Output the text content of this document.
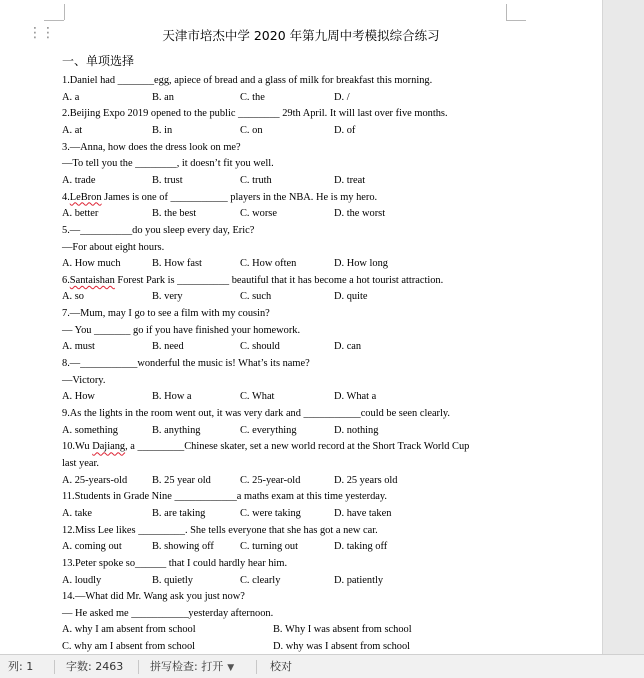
⋮⋮	天津市培杰中学 2020 年第九周中考模拟综合练习
一、单项选择
1.Daniel had _______egg, apiece of bread and a glass of milk for breakfast this morning.
A. a	B. an	C. the	D. /
2.Beijing Expo 2019 opened to the public ________ 29th April. It will last over five months.
A. at	B. in	C. on	D. of
3.—Anna, how does the dress look on me?
—To tell you the ________, it doesn’t fit you well.
A. trade	B. trust	C. truth	D. treat
4.LeBron James is one of ___________ players in the NBA. He is my hero.
A. better	B. the best	C. worse	D. the worst
5.—__________do you sleep every day, Eric?
—For about eight hours.
A. How much	B. How fast	C. How often	D. How long
6.Santaishan Forest Park is __________ beautiful that it has become a hot tourist attraction.
A. so	B. very	C. such	D. quite
7.—Mum, may I go to see a film with my cousin?
— You _______ go if you have finished your homework.
A. must	B. need	C. should	D. can
8.—___________wonderful the music is! What’s its name?
—Victory.
A. How	B. How a	C. What	D. What a
9.As the lights in the room went out, it was very dark and ___________could be seen clearly.
A. something	B. anything	C. everything	D. nothing
10.Wu Dajiang, a _________Chinese skater, set a new world record at the Short Track World Cup
last year.
A. 25-years-old B. 25 year old	C. 25-year-old	D. 25 years old
11.Students in Grade Nine ____________a maths exam at this time yesterday.
A. take	B. are taking	C. were taking	D. have taken
12.Miss Lee likes _________. She tells everyone that she has got a new car.
A. coming out	B. showing off	C. turning out	D. taking off
13.Peter spoke so______ that I could hardly hear him.
A. loudly	B. quietly	C. clearly	D. patiently
14.—What did Mr. Wang ask you just now?
— He asked me ___________yesterday afternoon.
A. why I am absent from school	B. Why I was absent from school
C. why am I absent from school	D. why was I absent from school
列: 1	字数: 2463 拼写检查: 打开 ▼	校对
